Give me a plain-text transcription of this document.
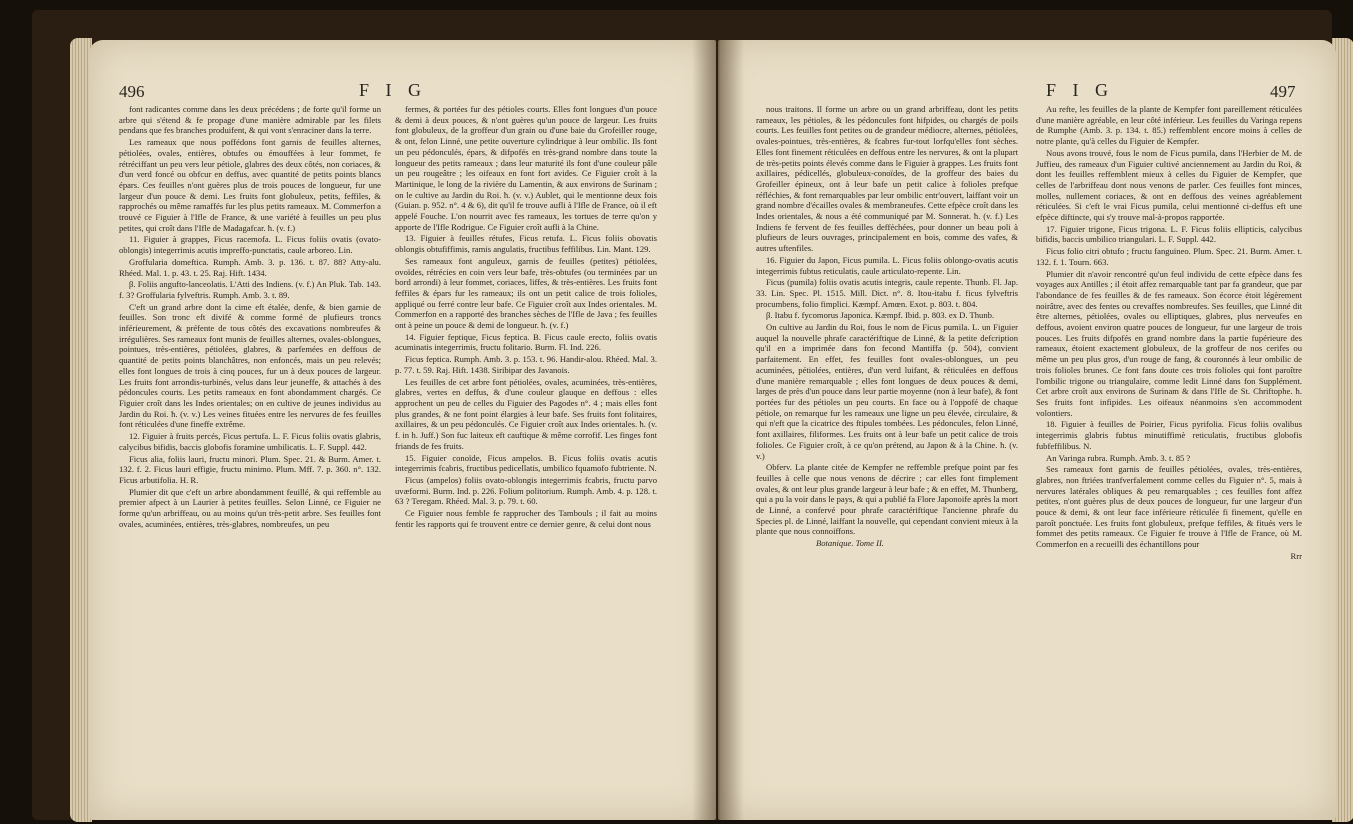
496	F I G

font radicantes comme dans les deux précédens ; de forte qu'il forme un arbre qui s'étend & fe propage d'une manière admirable par les filets pendans que fes branches produifent, & qui vont s'enraciner dans la terre.

Les rameaux que nous poffédons font garnis de feuilles alternes, pétiolées, ovales, entières, obtufes ou émouffées à leur fommet, fe rétréciffant un peu vers leur pétiole, glabres des deux côtés, non coriaces, & d'un verd foncé ou obfcur en deffus, avec quantité de petits points blancs épars. Ces feuilles n'ont guères plus de trois pouces de longueur, fur une largeur d'un pouce & demi. Les fruits font globuleux, petits, feffiles, & rapprochés ou même ramaffés fur les plus petits rameaux. M. Commerfon a trouvé ce Figuier à l'Ifle de France, & une variété à feuilles un peu plus petites, qui croît dans l'Ifle de Madagafcar. ħ. (v. f.)

11. Figuier à grappes, Ficus racemofa. L. Ficus foliis ovatis (ovato-oblongis) integerrimis acutis impreffo-punctatis, caule arboreo. Lin.

Groffularia domeftica. Rumph. Amb. 3. p. 136. t. 87. 88? Atty-alu. Rhéed. Mal. 1. p. 43. t. 25. Raj. Hift. 1434.

β. Foliis angufto-lanceolatis. L'Atti des Indiens. (v. f.) An Pluk. Tab. 143. f. 3? Groffularia fylveftris. Rumph. Amb. 3. t. 89.

C'eft un grand arbre dont la cime eft étalée, denfe, & bien garnie de feuilles. Son tronc eft divifé & comme formé de plufieurs troncs inférieurement, & préfente de tous côtés des excavations nombreufes & irrégulières. Ses rameaux font munis de feuilles alternes, ovales-oblongues, pointues, très-entières, pétiolées, glabres, & parfemées en deffous de quantité de petits points blanchâtres, non enfoncés, mais un peu relevés; elles font longues de trois à cinq pouces, fur un à deux pouces de largeur. Les fruits font arrondis-turbinés, velus dans leur jeuneffe, & attachés à des pédoncules courts. Les petits rameaux en font abondamment chargés. Ce Figuier croît dans les Indes orientales; on en cultive de jeunes individus au Jardin du Roi. ħ. (v. v.) Les veines fituées entre les nervures de fes feuilles font réticulées d'une fineffe extrême.

12. Figuier à fruits percés, Ficus pertufa. L. F. Ficus foliis ovatis glabris, calycibus bifidis, baccis globofis foramine umbilicatis. L. F. Suppl. 442.

Ficus alia, foliis lauri, fructu minori. Plum. Spec. 21. & Burm. Amer. t. 132. f. 2. Ficus lauri effigie, fructu minimo. Plum. Mff. 7. p. 360. n°. 132. Ficus arbutifolia. H. R.

Plumier dit que c'eft un arbre abondamment feuillé, & qui reffemble au premier afpect à un Laurier à petites feuilles. Selon Linné, ce Figuier ne forme qu'un arbriffeau, ou au moins qu'un très-petit arbre. Ses feuilles font ovales, acuminées, entières, très-glabres, nombreufes, un peu

fermes, & portées fur des pétioles courts. Elles font longues d'un pouce & demi à deux pouces, & n'ont guères qu'un pouce de largeur. Les fruits font globuleux, de la groffeur d'un grain ou d'une baie du Grofeiller rouge, & ont, felon Linné, une petite ouverture cylindrique à leur ombilic. Ils font un peu pédonculés, épars, & difpofés en très-grand nombre dans toute la longueur des petits rameaux ; dans leur maturité ils font d'une couleur pâle un peu rougeâtre ; les oifeaux en font fort avides. Ce Figuier croît à la Martinique, le long de la rivière du Lamentin, & aux environs de Surinam ; on le cultive au Jardin du Roi. ħ. (v. v.) Aublet, qui le mentionne deux fois (Guian. p. 952. n°. 4 & 6), dit qu'il fe trouve aufli à l'Ifle de France, où il eft appelé Fouche. L'on nourrit avec fes rameaux, les tortues de terre qu'on y apporte de l'Ifle Rodrigue. Ce Figuier croît aufli à la Chine.

13. Figuier à feuilles rétufes, Ficus retufa. L. Ficus foliis obovatis oblongis obtufiffimis, ramis angulatis, fructibus feffilibus. Lin. Mant. 129.

Ses rameaux font anguleux, garnis de feuilles (petites) pétiolées, ovoïdes, rétrécies en coin vers leur bafe, très-obtufes (ou terminées par un bord arrondi) à leur fommet, coriaces, liffes, & très-entières. Les fruits font feffiles & épars fur les rameaux; ils ont un petit calice de trois folioles, appliqué ou ferré contre leur bafe. Ce Figuier croît aux Indes orientales. M. Commerfon en a rapporté des branches sèches de l'Ifle de Java ; fes feuilles ont à peine un pouce & demi de longueur. ħ. (v. f.)

14. Figuier feptique, Ficus feptica. B. Ficus caule erecto, foliis ovatis acuminatis integerrimis, fructu folitario. Burm. Fl. Ind. 226.

Ficus feptica. Rumph. Amb. 3. p. 153. t. 96. Handir-alou. Rhéed. Mal. 3. p. 77. t. 59. Raj. Hift. 1438. Siribipar des Javanois.

Les feuilles de cet arbre font pétiolées, ovales, acuminées, très-entières, glabres, vertes en deffus, & d'une couleur glauque en deffous : elles approchent un peu de celles du Figuier des Pagodes n°. 4 ; mais elles font plus grandes, & ne font point élargies à leur bafe. Ses fruits font folitaires, axillaires, & un peu pédonculés. Ce Figuier croît aux Indes orientales. ħ. (v. f. in h. Juff.) Son fuc laiteux eft cauftique & même corrofif. Les finges font friands de fes fruits.

15. Figuier conoïde, Ficus ampelos. B. Ficus foliis ovatis acutis integerrimis fcabris, fructibus pedicellatis, umbilico fquamofo fubtriente. N.

Ficus (ampelos) foliis ovato-oblongis integerrimis fcabris, fructu parvo uvæformi. Burm. Ind. p. 226. Folium politorium. Rumph. Amb. 4. p. 128. t. 63 ? Teregam. Rhéed. Mal. 3. p. 79. t. 60.

Ce Figuier nous femble fe rapprocher des Tambouls ; il fait au moins fentir les rapports qui fe trouvent entre ce dernier genre, & celui dont nous

F I G	497

nous traitons. Il forme un arbre ou un grand arbriffeau, dont les petits rameaux, les pétioles, & les pédoncules font hifpides, ou chargés de poils courts. Les feuilles font petites ou de grandeur médiocre, alternes, pétiolées, ovales-pointues, très-entières, & fcabres fur-tout lorfqu'elles font sèches. Elles font finement réticulées en deffous entre les nervures, & ont la plupart de très-petits points élevés comme dans le Figuier à grappes. Les fruits font axillaires, pédicellés, globuleux-conoïdes, de la groffeur des baies du Grofeiller épineux, ont à leur bafe un petit calice à folioles prefque réfléchies, & font remarquables par leur ombilic entr'ouvert, laiffant voir un grand nombre d'écailles ovales & membraneufes. Cette efpèce croît dans les Indes orientales, & nous a été communiqué par M. Sonnerat. ħ. (v. f.) Les Indiens fe fervent de fes feuilles defféchées, pour donner un beau poli à plufieurs de leurs ouvrages, principalement en bois, comme des vafes, & autres uftenfiles.

16. Figuier du Japon, Ficus pumila. L. Ficus foliis oblongo-ovatis acutis integerrimis fubtus reticulatis, caule articulato-repente. Lin.

Ficus (pumila) foliis ovatis acutis integris, caule repente. Thunb. Fl. Jap. 33. Lin. Spec. Pl. 1515. Mill. Dict. n°. 8. Itou-itabu f. ficus fylveftris procumbens, folio fimplici. Kæmpf. Amœn. Exot. p. 803. t. 804.

β. Itabu f. fycomorus Japonica. Kæmpf. Ibid. p. 803. ex D. Thunb.

On cultive au Jardin du Roi, fous le nom de Ficus pumila. L. un Figuier auquel la nouvelle phrafe caractériftique de Linné, & la petite defcription qu'il en a imprimée dans fon fecond Mantiffa (p. 504), convient parfaitement. En effet, fes feuilles font ovales-oblongues, un peu acuminées, pétiolées, entières, d'un verd luifant, & réticulées en deffous d'une manière remarquable ; elles font longues de deux pouces & demi, larges de près d'un pouce dans leur partie moyenne (non à leur bafe), & font portées fur des pétioles un peu courts. En face ou à l'oppofé de chaque pétiole, on remarque fur les rameaux une ligne un peu élevée, circulaire, & qui n'eft que la cicatrice des ftipules tombées. Les pédoncules, felon Linné, font axillaires, filiformes. Les fruits ont à leur bafe un petit calice de trois folioles. Ce Figuier croît, à ce qu'on prétend, au Japon & à la Chine. ħ. (v. v.)

Obferv. La plante citée de Kempfer ne reffemble prefque point par fes feuilles à celle que nous venons de décrire ; car elles font fimplement ovales, & ont leur plus grande largeur à leur bafe ; & en effet, M. Thunberg, qui a pu la voir dans le pays, & qui a publié fa Flore Japonoife après la mort de Linné, a confervé pour phrafe caractériftique l'ancienne phrafe du Species pl. de Linné, laiffant la nouvelle, qui cependant convient mieux à la plante que nous connoiffons.

Botanique. Tome II.

Au refte, les feuilles de la plante de Kempfer font pareillement réticulées d'une manière agréable, en leur côté inférieur. Les feuilles du Varinga repens de Rumphe (Amb. 3. p. 134. t. 85.) reffemblent encore moins à celles de notre plante, qu'à celles du Figuier de Kempfer.

Nous avons trouvé, fous le nom de Ficus pumila, dans l'Herbier de M. de Juffieu, des rameaux d'un Figuier cultivé anciennement au Jardin du Roi, & dont les feuilles reffemblent mieux à celles du Figuier de Kempfer, que celles de l'arbriffeau dont nous venons de parler. Ces feuilles font minces, molles, nullement coriaces, & ont en deffous des veines agréablement réticulées. Si c'eft le vrai Ficus pumila, celui mentionné ci-deffus eft une efpèce diftincte, qui s'y trouve mal-à-propos rapportée.

17. Figuier trigone, Ficus trigona. L. F. Ficus foliis ellipticis, calycibus bifidis, baccis umbilico triangulari. L. F. Suppl. 442.

Ficus folio citri obtufo ; fructu fanguineo. Plum. Spec. 21. Burm. Amer. t. 132. f. 1. Tourn. 663.

Plumier dit n'avoir rencontré qu'un feul individu de cette efpèce dans fes voyages aux Antilles ; il étoit affez remarquable tant par fa grandeur, que par l'abondance de fes feuilles & de fes rameaux. Son écorce étoit légèrement noirâtre, avec des fentes ou crevaffes nombreufes. Ses feuilles, que Linné dit être alternes, pétiolées, ovales ou elliptiques, glabres, plus nerveufes en deffous, avoient environ quatre pouces de longueur, fur une largeur de trois pouces. Les fruits difpofés en grand nombre dans la partie fupérieure des rameaux, étoient exactement globuleux, de la groffeur de nos cerifes ou même un peu plus gros, d'un rouge de fang, & couronnés à leur ombilic de trois folioles brunes. Ce font fans doute ces trois folioles qui font paroître l'ombilic trigone ou triangulaire, comme ledit Linné dans fon Supplément. Cet arbre croît aux environs de Surinam & dans l'Ifle de St. Chriftophe. ħ. Ses fruits font infipides. Les oifeaux néanmoins s'en accommodent volontiers.

18. Figuier à feuilles de Poirier, Ficus pyrifolia. Ficus foliis ovalibus integerrimis glabris fubtus minutiffimè reticulatis, fructibus globofis fubfeffilibus. N.

An Varinga rubra. Rumph. Amb. 3. t. 85 ?

Ses rameaux font garnis de feuilles pétiolées, ovales, très-entières, glabres, non ftriées tranfverfalement comme celles du Figuier n°. 5, mais à nervures latérales obliques & peu remarquables ; ces feuilles font affez petites, n'ont guères plus de deux pouces de longueur, fur une largeur d'un pouce & demi, & ont leur face inférieure réticulée fi finement, qu'elle en paroît ponctuée. Les fruits font globuleux, prefque feffiles, & fitués vers le fommet des petits rameaux. Ce Figuier fe trouve à l'Ifle de France, où M. Commerfon en a recueilli des échantillons pour

Rrr
